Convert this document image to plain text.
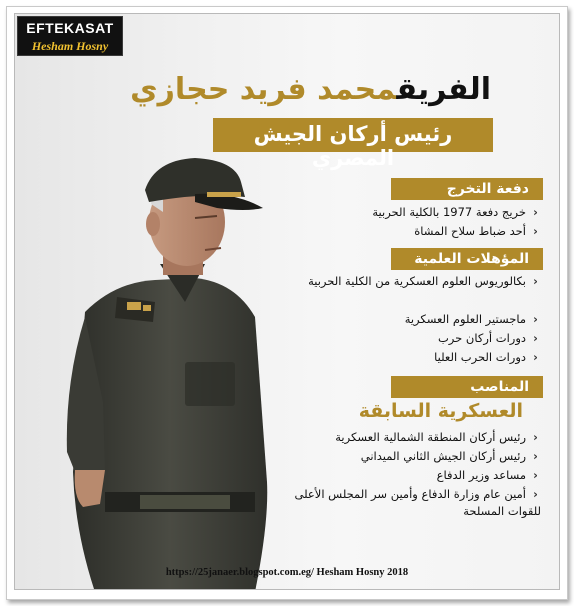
EFTEKASAT
Hesham Hosny
الفريقمحمد فريد حجازي
رئيس أركان الجيش المصري
دفعة التخرج
‹خريج دفعة 1977 بالكلية الحربية
‹أحد ضباط سلاح المشاة
المؤهلات العلمية
‹بكالوريوس العلوم العسكرية من الكلية الحربية
‹ماجستير العلوم العسكرية
‹دورات أركان حرب
‹دورات الحرب العليا
المناصب
العسكرية السابقة
‹رئيس أركان المنطقة الشمالية العسكرية
‹رئيس أركان الجيش الثاني الميداني
‹مساعد وزير الدفاع
‹أمين عام وزارة الدفاع وأمين سر المجلس الأعلى للقوات المسلحة
https://25janaer.blogspot.com.eg/ Hesham Hosny 2018
